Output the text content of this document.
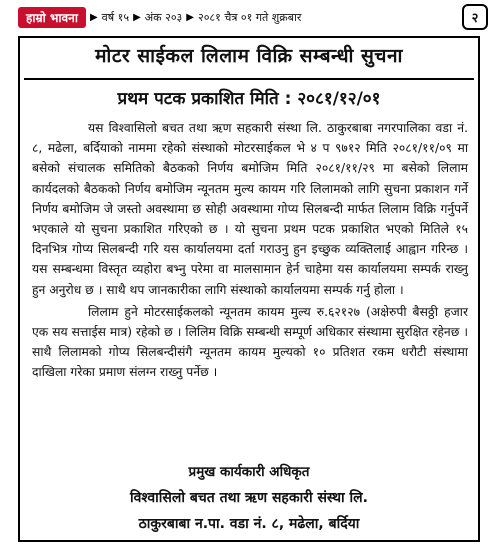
हाम्रो भावना	▶ वर्ष १५ ▶ अंक २०३ ▶ २०८१ चैत्र ०१ गते शुक्रबार	२
मोटर साईकल लिलाम विक्रि सम्बन्धी सुचना
प्रथम पटक प्रकाशित मिति : २०८१/१२/०१

यस विश्वासिलो बचत तथा ऋण सहकारी संस्था लि. ठाकुरबाबा नगरपालिका वडा नं. ८, मढेला, बर्दियाको नाममा रहेको संस्थाको मोटरसाईकल भे ४ प ९७१२ मिति २०८१/११/०९ मा बसेको संचालक समितिको बैठकको निर्णय बमोजिम मिति २०८१/११/२९ मा बसेको लिलाम कार्यदलको बैठकको निर्णय बमोजिम न्यूनतम मुल्य कायम गरि लिलामको लागि सुचना प्रकाशन गर्ने निर्णय बमोजिम जे जस्तो अवस्थामा छ सोही अवस्थामा गोप्य सिलबन्दी मार्फत लिलाम विक्रि गर्नुपर्ने भएकाले यो सुचना प्रकाशित गरिएको छ । यो सुचना प्रथम पटक प्रकाशित भएको मितिले १५ दिनभित्र गोप्य सिलबन्दी गरि यस कार्यालयमा दर्ता गराउनु हुन इच्छुक व्यक्तिलाई आह्वान गरिन्छ । यस सम्बन्धमा विस्तृत व्यहोरा बभ्नु परेमा वा मालसामान हेर्न चाहेमा यस कार्यालयमा सम्पर्क राख्नु हुन अनुरोध छ । साथै थप जानकारीका लागि संस्थाको कार्यालयमा सम्पर्क गर्नु होला ।

लिलाम हुने मोटरसाईकलको न्यूनतम कायम मुल्य रु.६२१२७ (अक्षेरुपी बैसठ्ठी हजार एक सय सत्ताईस मात्र) रहेको छ । लिलिम विक्रि सम्बन्धी सम्पूर्ण अधिकार संस्थामा सुरक्षित रहेनछ । साथै लिलामको गोप्य सिलबन्दीसंगै न्यूनतम कायम मुल्यको १० प्रतिशत रकम धरौटी संस्थामा दाखिला गरेका प्रमाण संलग्न राख्नु पर्नेछ ।

प्रमुख कार्यकारी अधिकृत
विश्वासिलो बचत तथा ऋण सहकारी संस्था लि.
ठाकुरबाबा न.पा. वडा नं. ८, मढेला, बर्दिया
